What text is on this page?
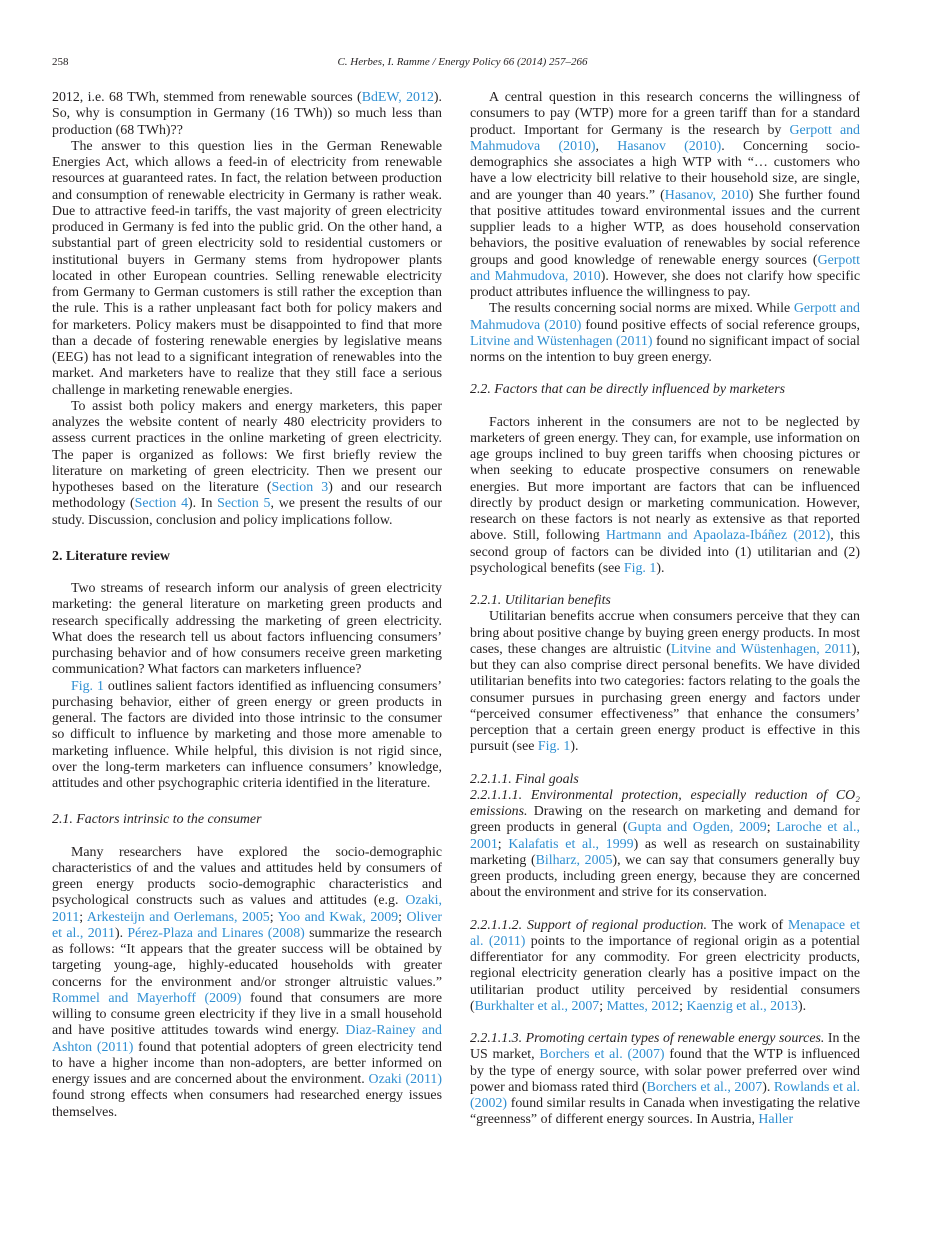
258	C. Herbes, I. Ramme / Energy Policy 66 (2014) 257–266
2012, i.e. 68 TWh, stemmed from renewable sources (BdEW, 2012). So, why is consumption in Germany (16 TWh)) so much less than production (68 TWh)??
The answer to this question lies in the German Renewable Energies Act, which allows a feed-in of electricity from renewable resources at guaranteed rates. In fact, the relation between production and consumption of renewable electricity in Germany is rather weak. Due to attractive feed-in tariffs, the vast majority of green electricity produced in Germany is fed into the public grid. On the other hand, a substantial part of green electricity sold to residential customers or institutional buyers in Germany stems from hydropower plants located in other European countries. Selling renewable electricity from Germany to German customers is still rather the exception than the rule. This is a rather unpleasant fact both for policy makers and for marketers. Policy makers must be disappointed to find that more than a decade of fostering renewable energies by legislative means (EEG) has not lead to a significant integration of renewables into the market. And marketers have to realize that they still face a serious challenge in marketing renewable energies.
To assist both policy makers and energy marketers, this paper analyzes the website content of nearly 480 electricity providers to assess current practices in the online marketing of green electricity. The paper is organized as follows: We first briefly review the literature on marketing of green electricity. Then we present our hypotheses based on the literature (Section 3) and our research methodology (Section 4). In Section 5, we present the results of our study. Discussion, conclusion and policy implications follow.
2. Literature review
Two streams of research inform our analysis of green electricity marketing: the general literature on marketing green products and research specifically addressing the marketing of green electricity. What does the research tell us about factors influencing consumers’ purchasing behavior and of how consumers receive green marketing communication? What factors can marketers influence?
Fig. 1 outlines salient factors identified as influencing consumers’ purchasing behavior, either of green energy or green products in general. The factors are divided into those intrinsic to the consumer so difficult to influence by marketing and those more amenable to marketing influence. While helpful, this division is not rigid since, over the long-term marketers can influence consumers’ knowledge, attitudes and other psychographic criteria identified in the literature.
2.1. Factors intrinsic to the consumer
Many researchers have explored the socio-demographic characteristics of and the values and attitudes held by consumers of green energy products socio-demographic characteristics and psychological constructs such as values and attitudes (e.g. Ozaki, 2011; Arkesteijn and Oerlemans, 2005; Yoo and Kwak, 2009; Oliver et al., 2011). Pérez-Plaza and Linares (2008) summarize the research as follows: “It appears that the greater success will be obtained by targeting young-age, highly-educated households with greater concerns for the environment and/or stronger altruistic values.” Rommel and Mayerhoff (2009) found that consumers are more willing to consume green electricity if they live in a small household and have positive attitudes towards wind energy. Diaz-Rainey and Ashton (2011) found that potential adopters of green electricity tend to have a higher income than non-adopters, are better informed on energy issues and are concerned about the environment. Ozaki (2011) found strong effects when consumers had researched energy issues themselves.
A central question in this research concerns the willingness of consumers to pay (WTP) more for a green tariff than for a standard product. Important for Germany is the research by Gerpott and Mahmudova (2010), Hasanov (2010). Concerning socio-demographics she associates a high WTP with “… customers who have a low electricity bill relative to their household size, are single, and are younger than 40 years.” (Hasanov, 2010) She further found that positive attitudes toward environmental issues and the current supplier leads to a higher WTP, as does household conservation behaviors, the positive evaluation of renewables by social reference groups and good knowledge of renewable energy sources (Gerpott and Mahmudova, 2010). However, she does not clarify how specific product attributes influence the willingness to pay.
The results concerning social norms are mixed. While Gerpott and Mahmudova (2010) found positive effects of social reference groups, Litvine and Wüstenhagen (2011) found no significant impact of social norms on the intention to buy green energy.
2.2. Factors that can be directly influenced by marketers
Factors inherent in the consumers are not to be neglected by marketers of green energy. They can, for example, use information on age groups inclined to buy green tariffs when choosing pictures or when seeking to educate prospective consumers on renewable energies. But more important are factors that can be influenced directly by product design or marketing communication. However, research on these factors is not nearly as extensive as that reported above. Still, following Hartmann and Apaolaza-Ibáñez (2012), this second group of factors can be divided into (1) utilitarian and (2) psychological benefits (see Fig. 1).
2.2.1. Utilitarian benefits
Utilitarian benefits accrue when consumers perceive that they can bring about positive change by buying green energy products. In most cases, these changes are altruistic (Litvine and Wüstenhagen, 2011), but they can also comprise direct personal benefits. We have divided utilitarian benefits into two categories: factors relating to the goals the consumer pursues in purchasing green energy and factors under “perceived consumer effectiveness” that enhance the consumers’ perception that a certain green energy product is effective in this pursuit (see Fig. 1).
2.2.1.1. Final goals
2.2.1.1.1. Environmental protection, especially reduction of CO₂ emissions. Drawing on the research on marketing and demand for green products in general (Gupta and Ogden, 2009; Laroche et al., 2001; Kalafatis et al., 1999) as well as research on sustainability marketing (Bilharz, 2005), we can say that consumers generally buy green products, including green energy, because they are concerned about the environment and strive for its conservation.
2.2.1.1.2. Support of regional production. The work of Menapace et al. (2011) points to the importance of regional origin as a potential differentiator for any commodity. For green electricity products, regional electricity generation clearly has a positive impact on the utilitarian product utility perceived by residential consumers (Burkhalter et al., 2007; Mattes, 2012; Kaenzig et al., 2013).
2.2.1.1.3. Promoting certain types of renewable energy sources. In the US market, Borchers et al. (2007) found that the WTP is influenced by the type of energy source, with solar power preferred over wind power and biomass rated third (Borchers et al., 2007). Rowlands et al. (2002) found similar results in Canada when investigating the relative “greenness” of different energy sources. In Austria, Haller
